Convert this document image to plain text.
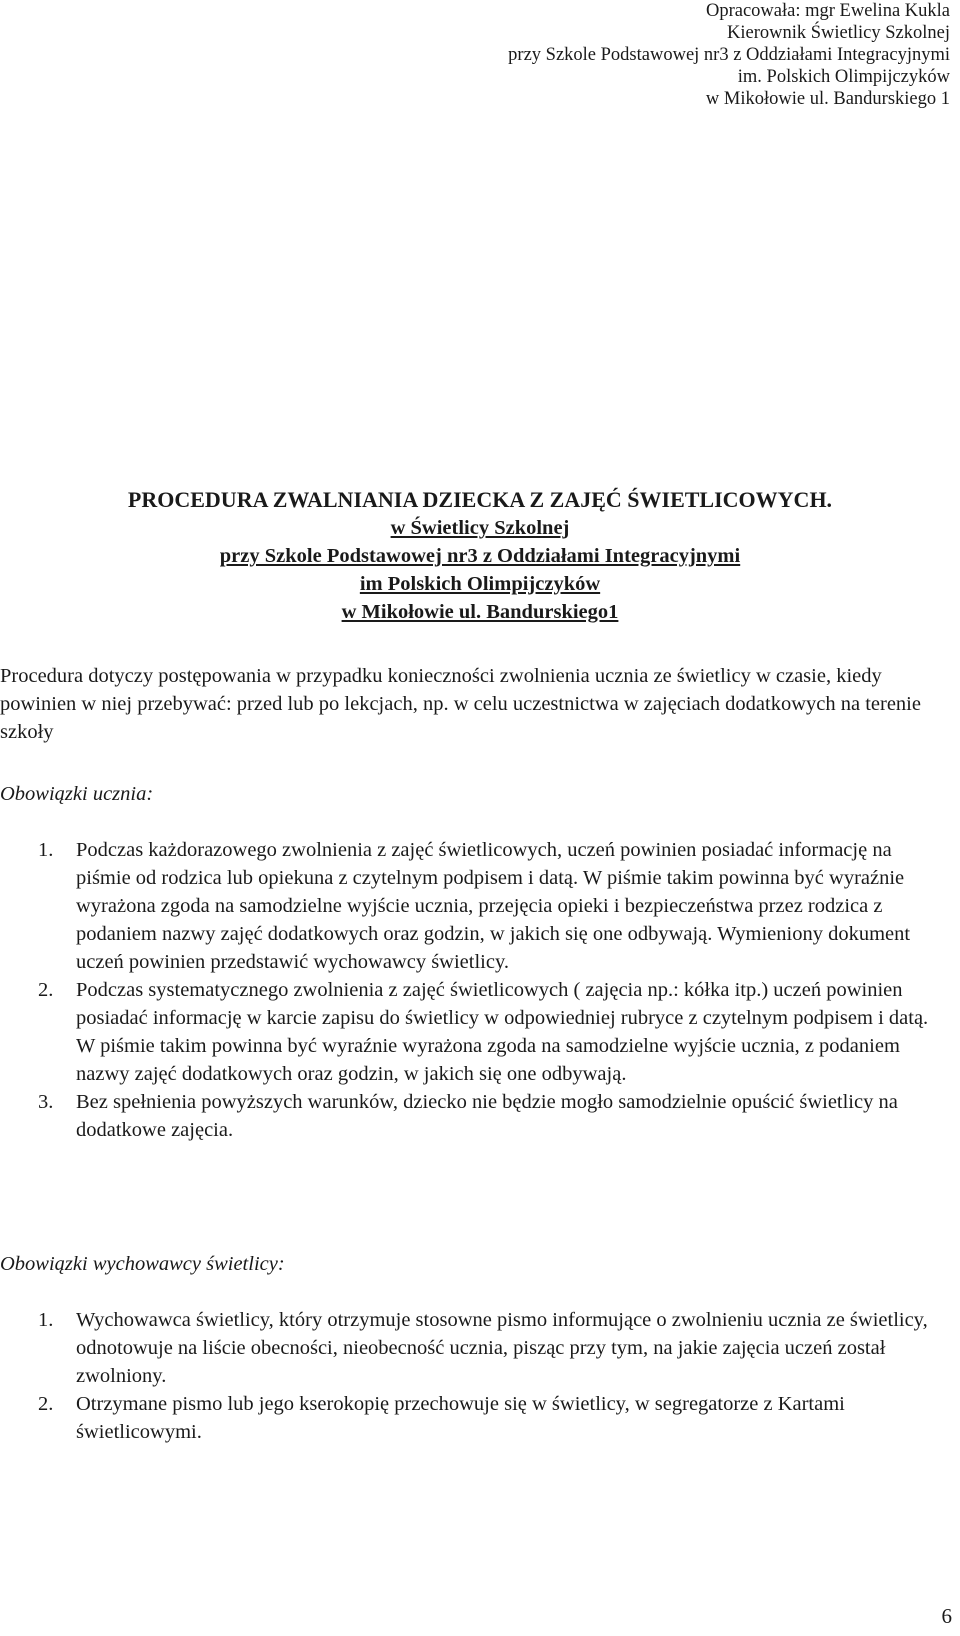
Opracowała: mgr Ewelina Kukla
Kierownik Świetlicy Szkolnej
przy Szkole Podstawowej nr3 z Oddziałami Integracyjnymi
im. Polskich Olimpijczyków
w Mikołowie ul. Bandurskiego 1

PROCEDURA ZWALNIANIA DZIECKA Z ZAJĘĆ ŚWIETLICOWYCH.

w Świetlicy Szkolnej

przy Szkole Podstawowej nr3 z Oddziałami Integracyjnymi

im Polskich Olimpijczyków

w Mikołowie ul. Bandurskiego1

Procedura dotyczy postępowania w przypadku konieczności zwolnienia ucznia ze świetlicy w czasie, kiedy powinien w niej przebywać: przed lub po lekcjach, np. w celu uczestnictwa w zajęciach dodatkowych na terenie szkoły

Obowiązki ucznia:

1. Podczas każdorazowego zwolnienia z zajęć świetlicowych, uczeń powinien posiadać informację na piśmie od rodzica lub opiekuna z czytelnym podpisem i datą. W piśmie takim powinna być wyraźnie wyrażona zgoda na samodzielne wyjście ucznia, przejęcia opieki i bezpieczeństwa przez rodzica z podaniem nazwy zajęć dodatkowych oraz godzin, w jakich się one odbywają. Wymieniony dokument uczeń powinien przedstawić wychowawcy świetlicy.
2. Podczas systematycznego zwolnienia z zajęć świetlicowych ( zajęcia np.: kółka itp.) uczeń powinien posiadać informację w karcie zapisu do świetlicy w odpowiedniej rubryce z czytelnym podpisem i datą. W piśmie takim powinna być wyraźnie wyrażona zgoda na samodzielne wyjście ucznia, z podaniem nazwy zajęć dodatkowych oraz godzin, w jakich się one odbywają.
3. Bez spełnienia powyższych warunków, dziecko nie będzie mogło samodzielnie opuścić świetlicy na dodatkowe zajęcia.

Obowiązki wychowawcy świetlicy:

1. Wychowawca świetlicy, który otrzymuje stosowne pismo informujące o zwolnieniu ucznia ze świetlicy, odnotowuje na liście obecności, nieobecność ucznia, pisząc przy tym, na jakie zajęcia uczeń został zwolniony.
2. Otrzymane pismo lub jego kserokopię przechowuje się w świetlicy, w segregatorze z Kartami świetlicowymi.
6
